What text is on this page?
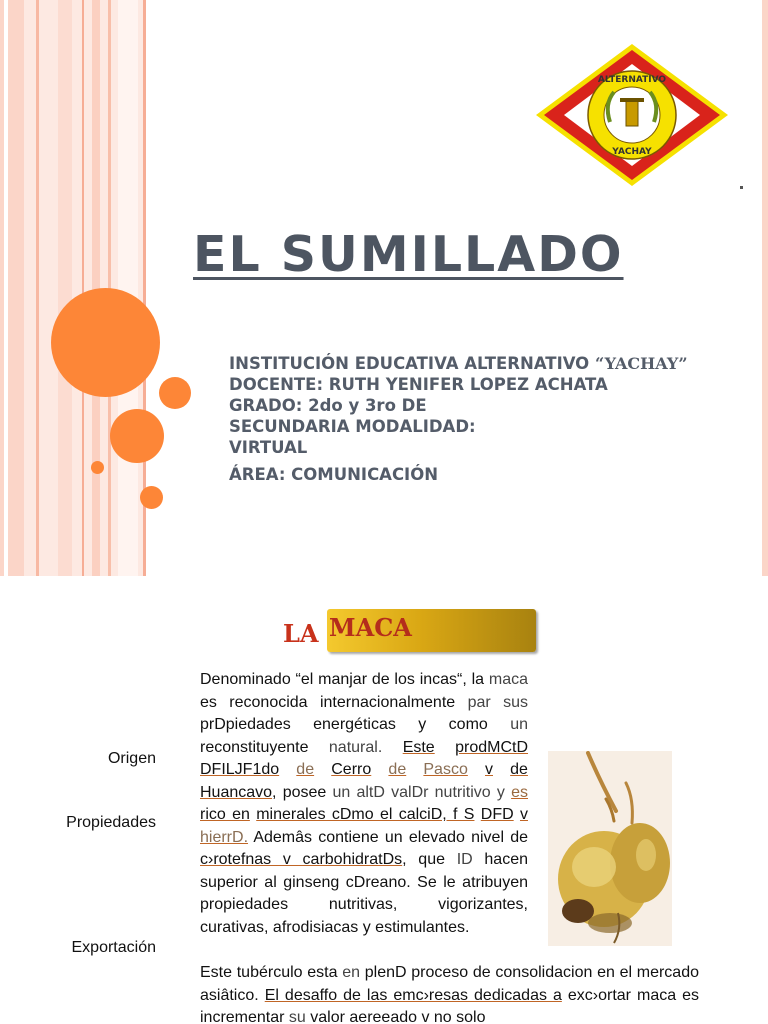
ALTERNATIVO
YACHAY
EL SUMILLADO
INSTITUCIÓN EDUCATIVA ALTERNATIVO “YACHAY”
DOCENTE: RUTH YENIFER LOPEZ ACHATA
GRADO: 2do y 3ro DE
SECUNDARIA MODALIDAD:
VIRTUAL
ÁREA: COMUNICACIÓN
LA MACA
Origen
Propiedades
Exportación
Denominado “el manjar de los incas“, la maca es reconocida internacionalmente par sus prDpiedades energéticas y como un reconstituyente natural. Este prodMCtD DFILJF1do de Cerro de Pasco v de Huancavo, posee un altD valDr nutritivo y es rico en minerales cDmo el calciD, f S DFD v hierrD. Ademâs contiene un elevado nivel de c›rotefnas v carbohidratDs, que ID hacen superior al ginseng cDreano. Se le atribuyen propiedades nutritivas, vigorizantes, curativas, afrodisiacas y estimulantes.
Este tubérculo esta en plenD proceso de consolidacion en el mercado asiâtico. El desaffo de las emc›resas dedicadas a exc›ortar maca es incrementar su valor aereeado v no solo
